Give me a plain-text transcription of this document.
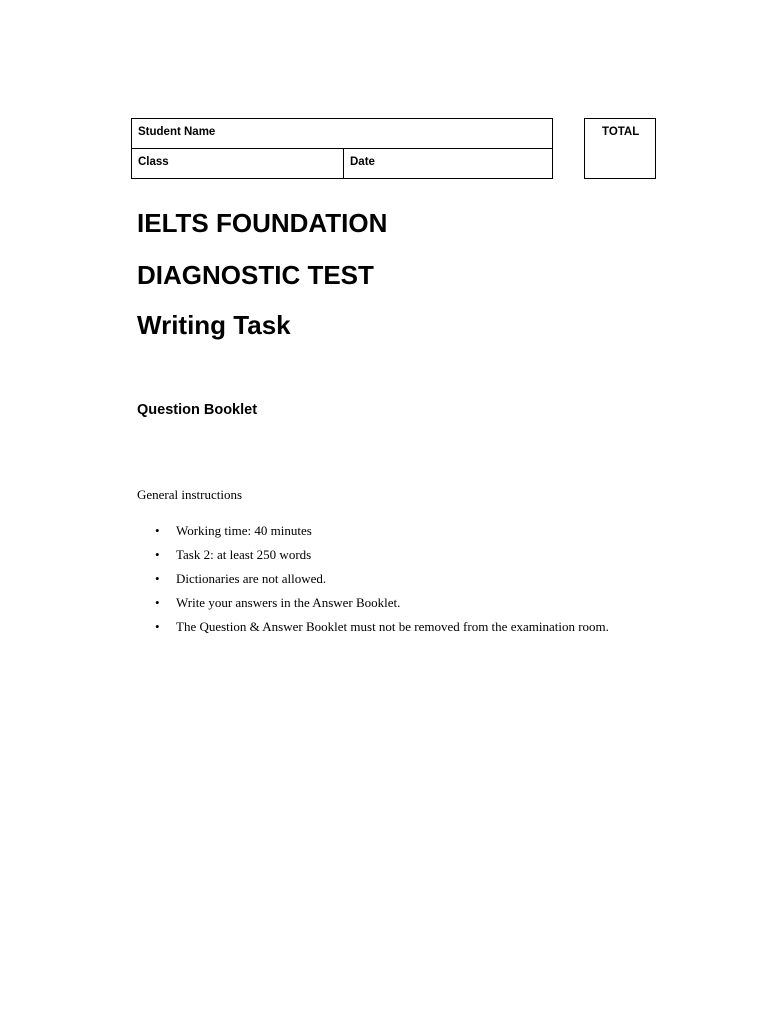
Student Name
Class	Date
TOTAL
IELTS FOUNDATION
DIAGNOSTIC TEST
Writing Task
Question Booklet
General instructions
• Working time: 40 minutes
• Task 2: at least 250 words
• Dictionaries are not allowed.
• Write your answers in the Answer Booklet.
• The Question & Answer Booklet must not be removed from the examination room.
